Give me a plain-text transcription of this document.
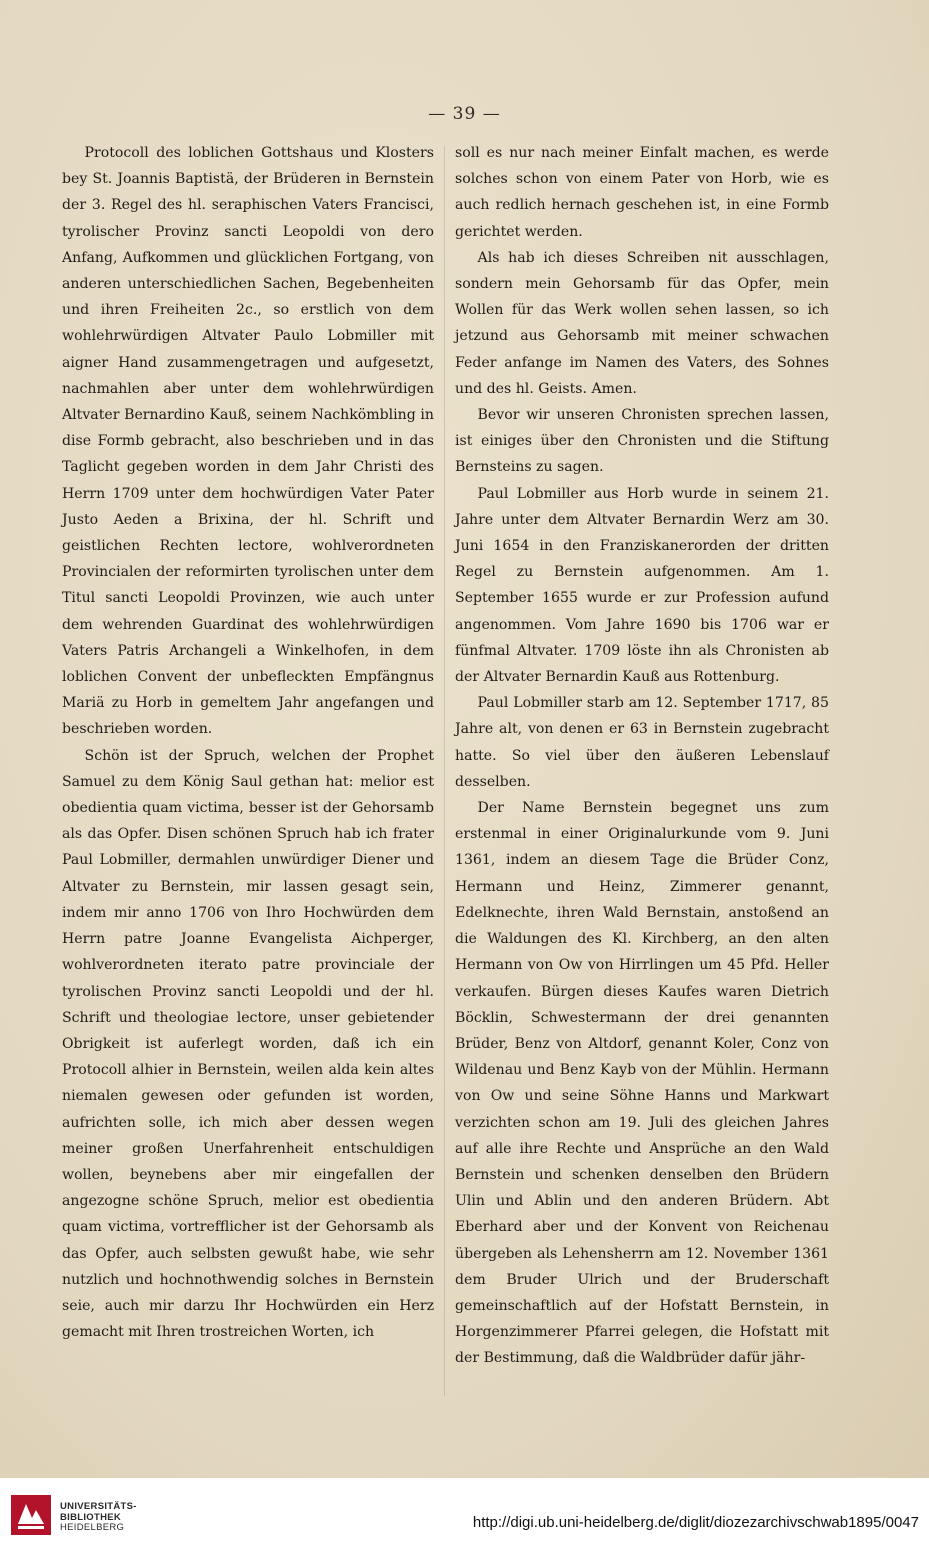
— 39 —

Protocoll des loblichen Gottshaus und Klosters bey St. Joannis Baptistä, der Brüderen in Bernstein der 3. Regel des hl. seraphischen Vaters Francisci, tyrolischer Provinz sancti Leopoldi von dero Anfang, Aufkommen und glücklichen Fortgang, von anderen unterschiedlichen Sachen, Begebenheiten und ihren Freiheiten 2c., so erstlich von dem wohlehrwürdigen Altvater Paulo Lobmiller mit aigner Hand zusammengetragen und aufgesetzt, nachmahlen aber unter dem wohlehrwürdigen Altvater Bernardino Kauß, seinem Nachkömbling in dise Formb gebracht, also beschrieben und in das Taglicht gegeben worden in dem Jahr Christi des Herrn 1709 unter dem hochwürdigen Vater Pater Justo Aeden a Brixina, der hl. Schrift und geistlichen Rechten lectore, wohlverordneten Provincialen der reformirten tyrolischen unter dem Titul sancti Leopoldi Provinzen, wie auch unter dem wehrenden Guardinat des wohlehrwürdigen Vaters Patris Archangeli a Winkelhofen, in dem loblichen Convent der unbefleckten Empfängnus Mariä zu Horb in gemeltem Jahr angefangen und beschrieben worden.

Schön ist der Spruch, welchen der Prophet Samuel zu dem König Saul gethan hat: melior est obedientia quam victima, besser ist der Gehorsamb als das Opfer. Disen schönen Spruch hab ich frater Paul Lobmiller, dermahlen unwürdiger Diener und Altvater zu Bernstein, mir lassen gesagt sein, indem mir anno 1706 von Ihro Hochwürden dem Herrn patre Joanne Evangelista Aichperger, wohlverordneten iterato patre provinciale der tyrolischen Provinz sancti Leopoldi und der hl. Schrift und theologiae lectore, unser gebietender Obrigkeit ist auferlegt worden, daß ich ein Protocoll alhier in Bernstein, weilen alda kein altes niemalen gewesen oder gefunden ist worden, aufrichten solle, ich mich aber dessen wegen meiner großen Unerfahrenheit entschuldigen wollen, beynebens aber mir eingefallen der angezogne schöne Spruch, melior est obedientia quam victima, vortrefflicher ist der Gehorsamb als das Opfer, auch selbsten gewußt habe, wie sehr nutzlich und hochnothwendig solches in Bernstein seie, auch mir darzu Ihr Hochwürden ein Herz gemacht mit Ihren trostreichen Worten, ich

soll es nur nach meiner Einfalt machen, es werde solches schon von einem Pater von Horb, wie es auch redlich hernach geschehen ist, in eine Formb gerichtet werden.

Als hab ich dieses Schreiben nit ausschlagen, sondern mein Gehorsamb für das Opfer, mein Wollen für das Werk wollen sehen lassen, so ich jetzund aus Gehorsamb mit meiner schwachen Feder anfange im Namen des Vaters, des Sohnes und des hl. Geists. Amen.

Bevor wir unseren Chronisten sprechen lassen, ist einiges über den Chronisten und die Stiftung Bernsteins zu sagen.

Paul Lobmiller aus Horb wurde in seinem 21. Jahre unter dem Altvater Bernardin Werz am 30. Juni 1654 in den Franziskanerorden der dritten Regel zu Bernstein aufgenommen. Am 1. September 1655 wurde er zur Profession aufund angenommen. Vom Jahre 1690 bis 1706 war er fünfmal Altvater. 1709 löste ihn als Chronisten ab der Altvater Bernardin Kauß aus Rottenburg.

Paul Lobmiller starb am 12. September 1717, 85 Jahre alt, von denen er 63 in Bernstein zugebracht hatte. So viel über den äußeren Lebenslauf desselben.

Der Name Bernstein begegnet uns zum erstenmal in einer Originalurkunde vom 9. Juni 1361, indem an diesem Tage die Brüder Conz, Hermann und Heinz, Zimmerer genannt, Edelknechte, ihren Wald Bernstain, anstoßend an die Waldungen des Kl. Kirchberg, an den alten Hermann von Ow von Hirrlingen um 45 Pfd. Heller verkaufen. Bürgen dieses Kaufes waren Dietrich Böcklin, Schwestermann der drei genannten Brüder, Benz von Altdorf, genannt Koler, Conz von Wildenau und Benz Kayb von der Mühlin. Hermann von Ow und seine Söhne Hanns und Markwart verzichten schon am 19. Juli des gleichen Jahres auf alle ihre Rechte und Ansprüche an den Wald Bernstein und schenken denselben den Brüdern Ulin und Ablin und den anderen Brüdern. Abt Eberhard aber und der Konvent von Reichenau übergeben als Lehensherrn am 12. November 1361 dem Bruder Ulrich und der Bruderschaft gemeinschaftlich auf der Hofstatt Bernstein, in Horgenzimmerer Pfarrei gelegen, die Hofstatt mit der Bestimmung, daß die Waldbrüder dafür jähr-

UNIVERSITÄTS-
BIBLIOTHEK
HEIDELBERG	http://digi.ub.uni-heidelberg.de/diglit/diozezarchivschwab1895/0047
